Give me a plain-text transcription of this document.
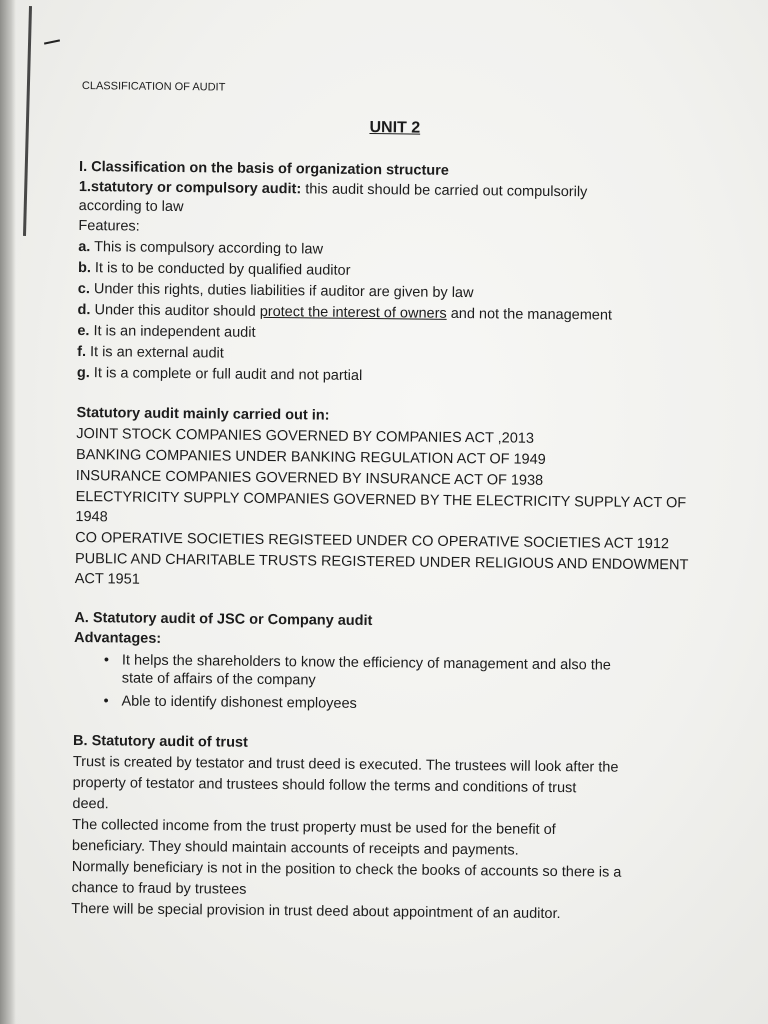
CLASSIFICATION OF AUDIT
UNIT 2
I. Classification on the basis of organization structure
1.statutory or compulsory audit: this audit should be carried out compulsorily
according to law
Features:
a. This is compulsory according to law
b. It is to be conducted by qualified auditor
c. Under this rights, duties liabilities if auditor are given by law
d. Under this auditor should protect the interest of owners and not the management
e. It is an independent audit
f. It is an external audit
g. It is a complete or full audit and not partial
Statutory audit mainly carried out in:
JOINT STOCK COMPANIES GOVERNED BY COMPANIES ACT ,2013
BANKING COMPANIES UNDER BANKING REGULATION ACT OF 1949
INSURANCE COMPANIES GOVERNED BY INSURANCE ACT OF 1938
ELECTYRICITY SUPPLY COMPANIES GOVERNED BY THE ELECTRICITY SUPPLY ACT OF
1948
CO OPERATIVE SOCIETIES REGISTEED UNDER CO OPERATIVE SOCIETIES ACT 1912
PUBLIC AND CHARITABLE TRUSTS REGISTERED UNDER RELIGIOUS AND ENDOWMENT
ACT 1951
A. Statutory audit of JSC or Company audit
Advantages:
• It helps the shareholders to know the efficiency of management and also the
state of affairs of the company
• Able to identify dishonest employees
B. Statutory audit of trust
Trust is created by testator and trust deed is executed. The trustees will look after the
property of testator and trustees should follow the terms and conditions of trust
deed.
The collected income from the trust property must be used for the benefit of
beneficiary. They should maintain accounts of receipts and payments.
Normally beneficiary is not in the position to check the books of accounts so there is a
chance to fraud by trustees
There will be special provision in trust deed about appointment of an auditor.
